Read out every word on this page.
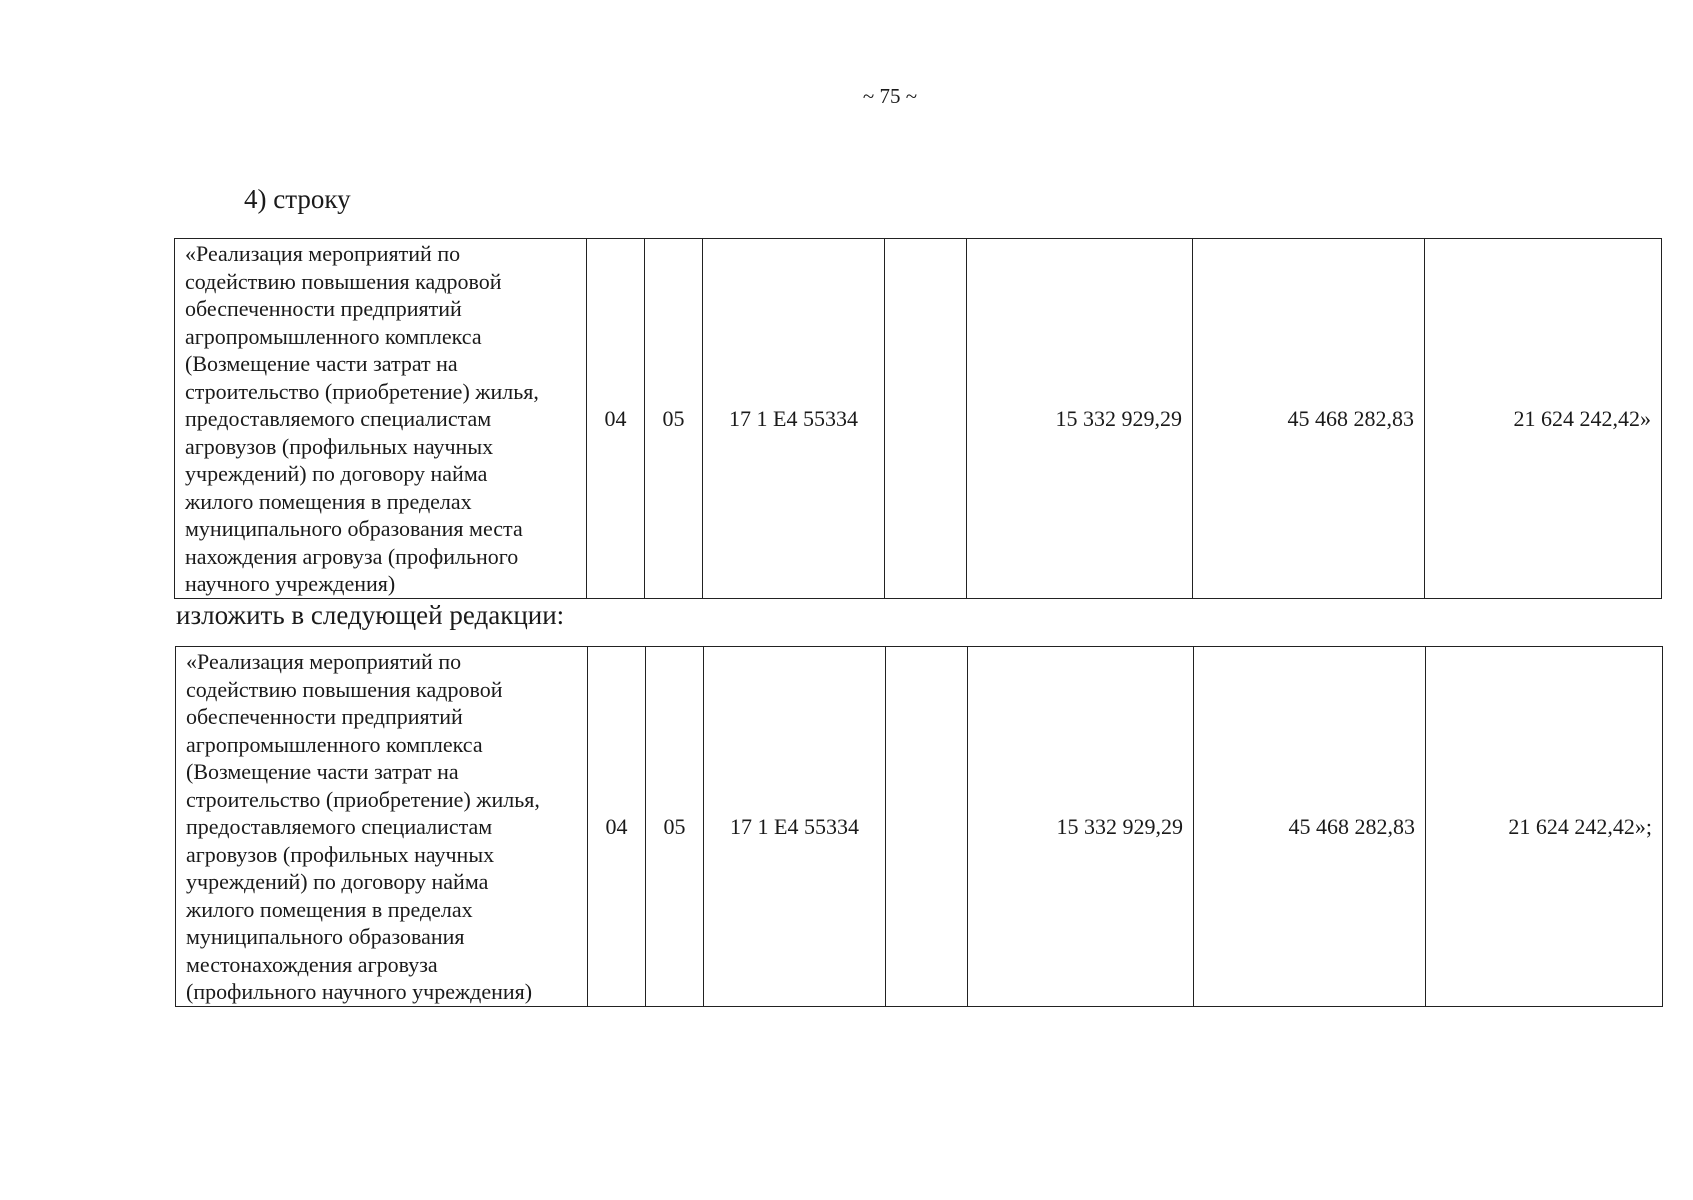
~ 75 ~
4) строку
«Реализация мероприятий по
содействию повышения кадровой
обеспеченности предприятий
агропромышленного комплекса
(Возмещение части затрат на
строительство (приобретение) жилья,
предоставляемого специалистам
агровузов (профильных научных
учреждений) по договору найма
жилого помещения в пределах
муниципального образования места
нахождения агровуза (профильного
научного учреждения)
	04	05	17 1 E4 55334		15 332 929,29	45 468 282,83	21 624 242,42»
изложить в следующей редакции:
«Реализация мероприятий по
содействию повышения кадровой
обеспеченности предприятий
агропромышленного комплекса
(Возмещение части затрат на
строительство (приобретение) жилья,
предоставляемого специалистам
агровузов (профильных научных
учреждений) по договору найма
жилого помещения в пределах
муниципального образования
местонахождения агровуза
(профильного научного учреждения)
	04	05	17 1 E4 55334		15 332 929,29	45 468 282,83	21 624 242,42»;
